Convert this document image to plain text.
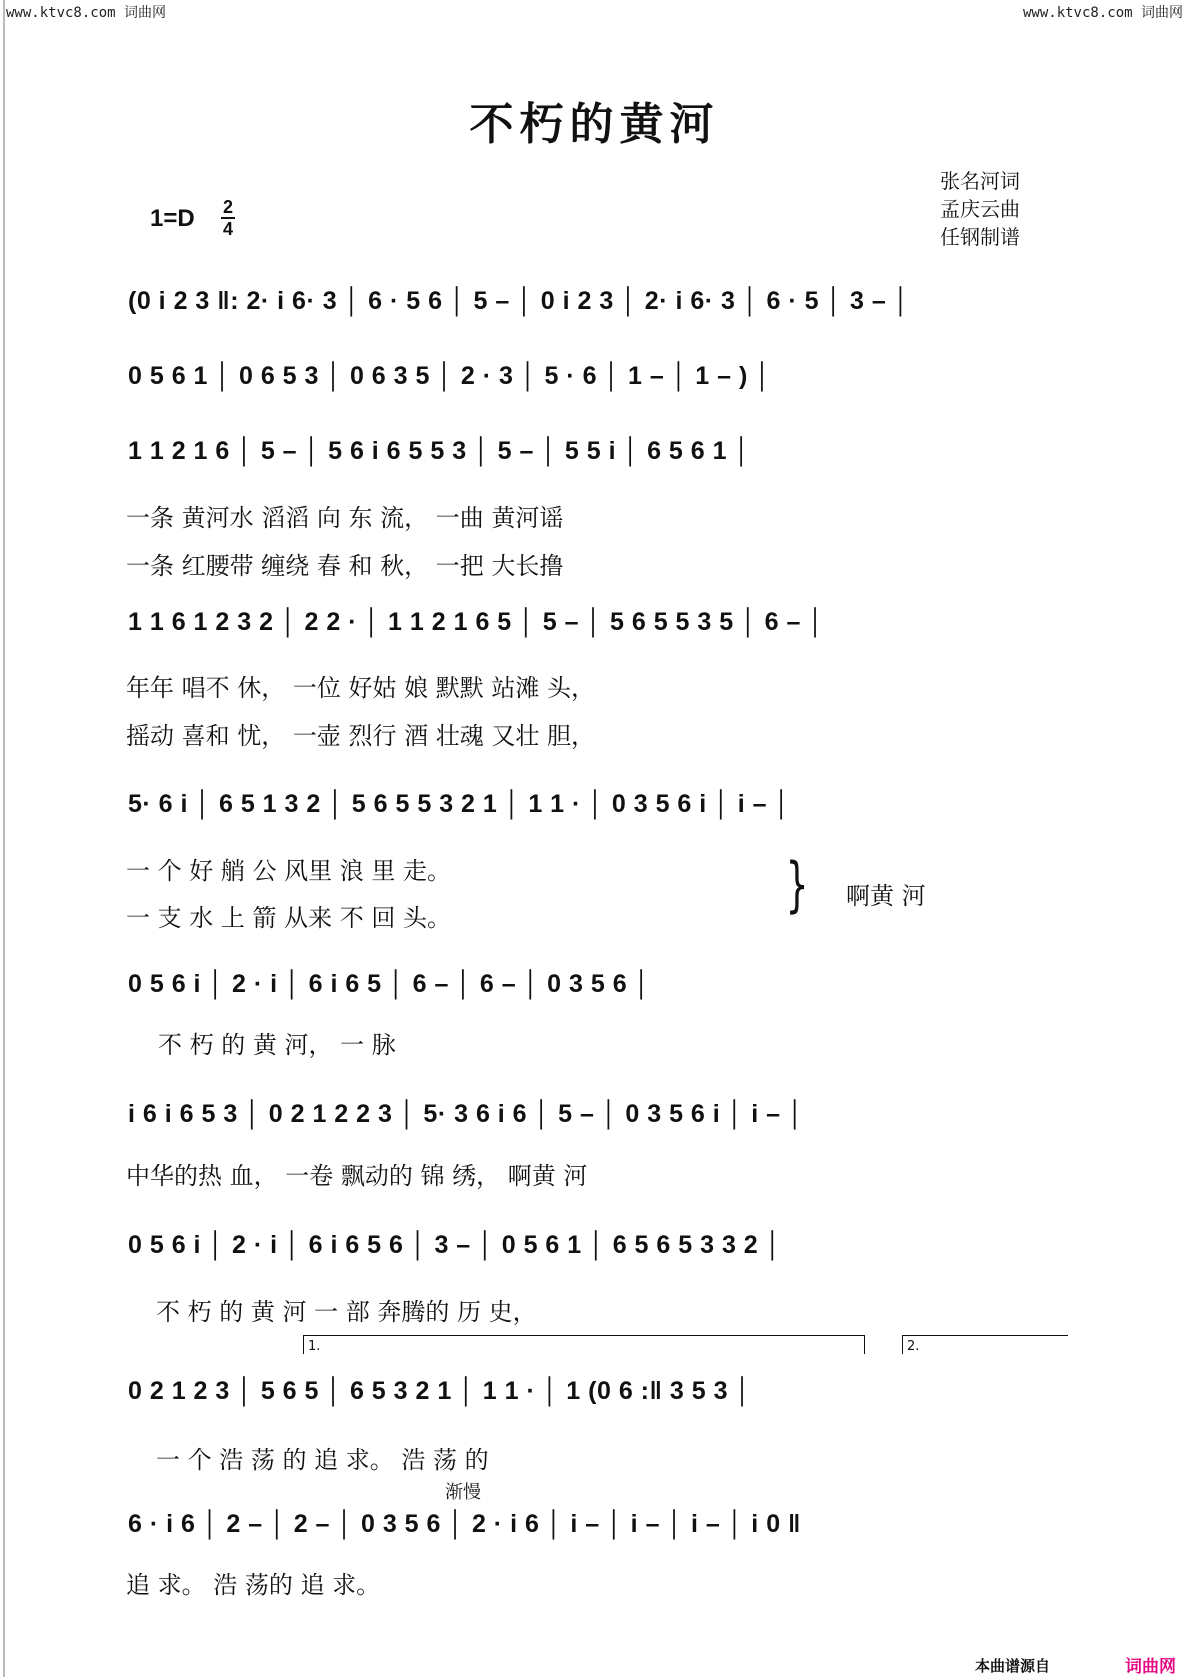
www.ktvc8.com 词曲网	www.ktvc8.com 词曲网
不朽的黄河
张名河词
孟庆云曲
任钢制谱
1=D 2
4
(0 i 2 3 ‖: 2· i 6· 3 │ 6 · 5 6 │ 5 – │ 0 i 2 3 │ 2· i 6· 3 │ 6 · 5 │ 3 – │
0 5 6 1 │ 0 6 5 3 │ 0 6 3 5 │ 2 · 3 │ 5 · 6 │ 1 – │ 1 – ) │
1 1 2 1 6 │ 5 – │ 5 6 i 6 5 5 3 │ 5 – │ 5 5 i │ 6 5 6 1 │
一条 黄河水 滔滔 向 东 流， 一曲 黄河谣
一条 红腰带 缠绕 春 和 秋， 一把 大长撸
1 1 6 1 2 3 2 │ 2 2 · │ 1 1 2 1 6 5 │ 5 – │ 5 6 5 5 3 5 │ 6 – │
年年 唱不 休， 一位 好姑 娘 默默 站滩 头，
摇动 喜和 忧， 一壶 烈行 酒 壮魂 又壮 胆，
5· 6 i │ 6 5 1 3 2 │ 5 6 5 5 3 2 1 │ 1 1 · │ 0 3 5 6 i │ i – │
一 个 好 艄 公 风里 浪 里 走。
一 支 水 上 箭 从来 不 回 头。	} 啊黄 河
0 5 6 i │ 2 · i │ 6 i 6 5 │ 6 – │ 6 – │ 0 3 5 6 │
不 朽 的 黄 河， 一 脉
i 6 i 6 5 3 │ 0 2 1 2 2 3 │ 5· 3 6 i 6 │ 5 – │ 0 3 5 6 i │ i – │
中华的热 血， 一卷 飘动的 锦 绣， 啊黄 河
0 5 6 i │ 2 · i │ 6 i 6 5 6 │ 3 – │ 0 5 6 1 │ 6 5 6 5 3 3 2 │
不 朽 的 黄 河 一 部 奔腾的 历 史，
1.	2.
0 2 1 2 3 │ 5 6 5 │ 6 5 3 2 1 │ 1 1 · │ 1 (0 6 :‖ 3 5 3 │
一 个 浩 荡 的 追 求。 浩 荡 的
渐慢
6 · i 6 │ 2 – │ 2 – │ 0 3 5 6 │ 2 · i 6 │ i – │ i – │ i – │ i 0 ‖
追 求。 浩 荡的 追 求。
本曲谱源自	词曲网
